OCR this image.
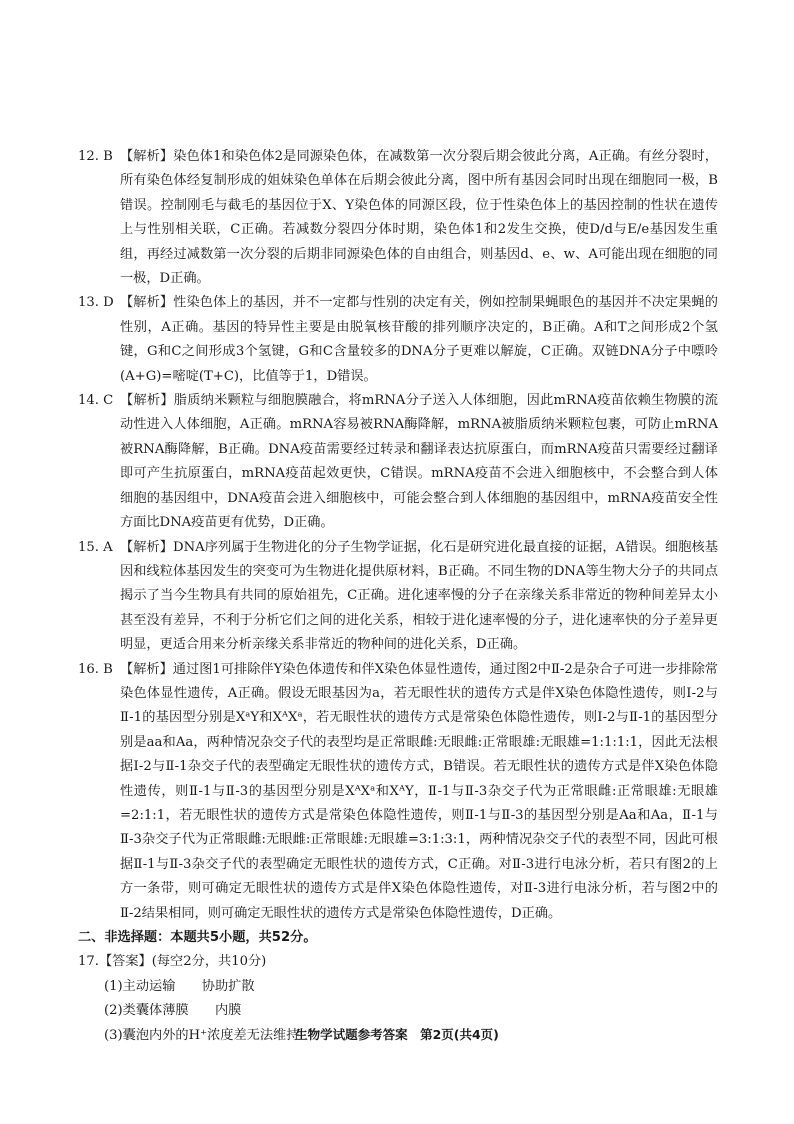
12. B 【解析】染色体1和染色体2是同源染色体，在减数第一次分裂后期会彼此分离，A正确。有丝分裂时，所有染色体经复制形成的姐妹染色单体在后期会彼此分离，图中所有基因会同时出现在细胞同一极，B错误。控制刚毛与截毛的基因位于X、Y染色体的同源区段，位于性染色体上的基因控制的性状在遗传上与性别相关联，C正确。若减数分裂四分体时期，染色体1和2发生交换，使D/d与E/e基因发生重组，再经过减数第一次分裂的后期非同源染色体的自由组合，则基因d、e、w、A可能出现在细胞的同一极，D正确。
13. D 【解析】性染色体上的基因，并不一定都与性别的决定有关，例如控制果蝇眼色的基因并不决定果蝇的性别，A正确。基因的特异性主要是由脱氧核苷酸的排列顺序决定的，B正确。A和T之间形成2个氢键，G和C之间形成3个氢键，G和C含量较多的DNA分子更难以解旋，C正确。双链DNA分子中嘌呤(A+G)=嘧啶(T+C)，比值等于1，D错误。
14. C 【解析】脂质纳米颗粒与细胞膜融合，将mRNA分子送入人体细胞，因此mRNA疫苗依赖生物膜的流动性进入人体细胞，A正确。mRNA容易被RNA酶降解，mRNA被脂质纳米颗粒包裹，可防止mRNA被RNA酶降解，B正确。DNA疫苗需要经过转录和翻译表达抗原蛋白，而mRNA疫苗只需要经过翻译即可产生抗原蛋白，mRNA疫苗起效更快，C错误。mRNA疫苗不会进入细胞核中，不会整合到人体细胞的基因组中，DNA疫苗会进入细胞核中，可能会整合到人体细胞的基因组中，mRNA疫苗安全性方面比DNA疫苗更有优势，D正确。
15. A 【解析】DNA序列属于生物进化的分子生物学证据，化石是研究进化最直接的证据，A错误。细胞核基因和线粒体基因发生的突变可为生物进化提供原材料，B正确。不同生物的DNA等生物大分子的共同点揭示了当今生物具有共同的原始祖先，C正确。进化速率慢的分子在亲缘关系非常近的物种间差异太小甚至没有差异，不利于分析它们之间的进化关系，相较于进化速率慢的分子，进化速率快的分子差异更明显，更适合用来分析亲缘关系非常近的物种间的进化关系，D正确。
16. B 【解析】通过图1可排除伴Y染色体遗传和伴X染色体显性遗传，通过图2中Ⅱ-2是杂合子可进一步排除常染色体显性遗传，A正确。假设无眼基因为a，若无眼性状的遗传方式是伴X染色体隐性遗传，则Ⅰ-2与Ⅱ-1的基因型分别是XᵃY和XᴬXᵃ，若无眼性状的遗传方式是常染色体隐性遗传，则Ⅰ-2与Ⅱ-1的基因型分别是aa和Aa，两种情况杂交子代的表型均是正常眼雌:无眼雌:正常眼雄:无眼雄=1:1:1:1，因此无法根据Ⅰ-2与Ⅱ-1杂交子代的表型确定无眼性状的遗传方式，B错误。若无眼性状的遗传方式是伴X染色体隐性遗传，则Ⅱ-1与Ⅱ-3的基因型分别是XᴬXᵃ和XᴬY，Ⅱ-1与Ⅱ-3杂交子代为正常眼雌:正常眼雄:无眼雄=2:1:1，若无眼性状的遗传方式是常染色体隐性遗传，则Ⅱ-1与Ⅱ-3的基因型分别是Aa和Aa，Ⅱ-1与Ⅱ-3杂交子代为正常眼雌:无眼雌:正常眼雄:无眼雄=3:1:3:1，两种情况杂交子代的表型不同，因此可根据Ⅱ-1与Ⅱ-3杂交子代的表型确定无眼性状的遗传方式，C正确。对Ⅱ-3进行电泳分析，若只有图2的上方一条带，则可确定无眼性状的遗传方式是伴X染色体隐性遗传，对Ⅱ-3进行电泳分析，若与图2中的Ⅱ-2结果相同，则可确定无眼性状的遗传方式是常染色体隐性遗传，D正确。
二、非选择题：本题共5小题，共52分。
17.【答案】(每空2分，共10分)
(1)主动运输　　协助扩散
(2)类囊体薄膜　　内膜
(3)囊泡内外的H⁺浓度差无法维持
生物学试题参考答案　第2页(共4页)
